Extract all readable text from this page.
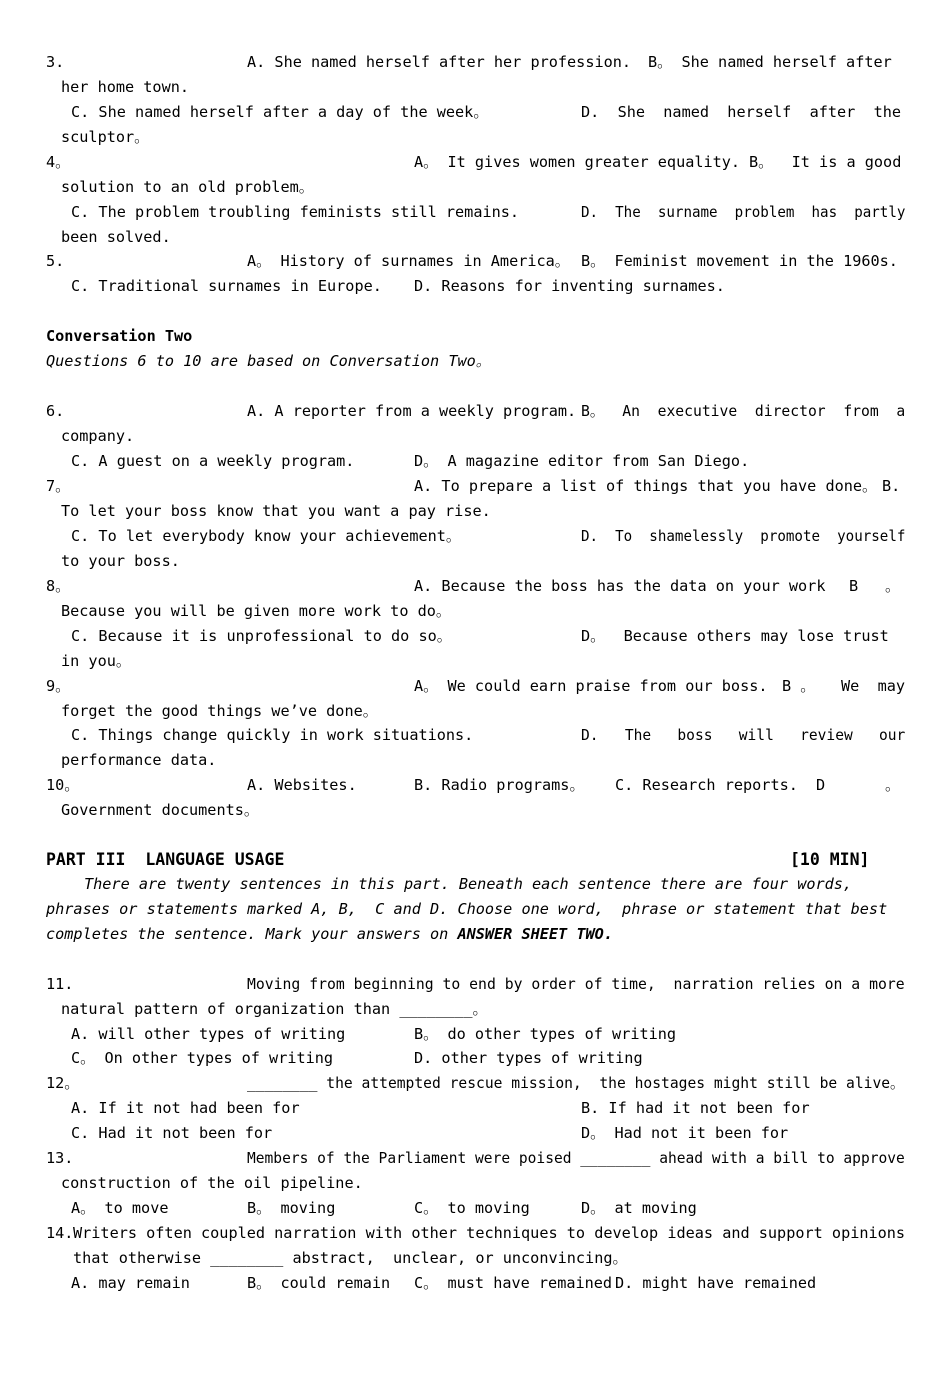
3.

	A. She named herself after her profession.

B。 She named herself after

her home town.

C. She named herself after a day of the week。

	D.  She  named  herself  after  the

sculptor。

4。

	A。 It gives women greater equality.

B。  It is a good

solution to an old problem。

C. The problem troubling feminists still remains.

	D.  The  surname  problem  has  partly

been solved.

5.

	A。 History of surnames in America。

B。 Feminist movement in the 1960s.

C. Traditional surnames in Europe.

D. Reasons for inventing surnames.

Conversation Two

Questions 6 to 10 are based on Conversation Two。

6.

	A. A reporter from a weekly program.

B。  An  executive  director  from  a

company.

C. A guest on a weekly program.

	D。 A magazine editor from San Diego.

7。

	A. To prepare a list of things that you have done。

B.

To let your boss know that you want a pay rise.

C. To let everybody know your achievement。

	D.  To  shamelessly  promote  yourself

to your boss.

8。

	A. Because the boss has the data on your work

B

。

Because you will be given more work to do。

C. Because it is unprofessional to do so。

	D。  Because others may lose trust

in you。

9。

	A。 We could earn praise from our boss.

B 。

We  may

forget the good things we’ve done。

C. Things change quickly in work situations.

	D.   The   boss   will   review   our

performance data.

10。

	A. Websites.

	B. Radio programs。

C. Research reports.

D

	。

Government documents。

PART III  LANGUAGE USAGE

	[10 MIN]

There are twenty sentences in this part. Beneath each sentence there are four words,

phrases or statements marked A, B,  C and D. Choose one word,  phrase or statement that best

completes the sentence. Mark your answers on ANSWER SHEET TWO.

11.

	Moving from beginning to end by order of time,  narration relies on a more

natural pattern of organization than ________。

A. will other types of writing

	B。 do other types of writing

C。 On other types of writing

	D. other types of writing

12。

	________ the attempted rescue mission,  the hostages might still be alive。

A. If it not had been for

	B. If had it not been for

C. Had it not been for

	D。 Had not it been for

13.

	Members of the Parliament were poised ________ ahead with a bill to approve

construction of the oil pipeline.

A。 to move

	B。 moving

	C。 to moving

	D。 at moving

14.

Writers often coupled narration with other techniques to develop ideas and support opinions

that otherwise ________ abstract,  unclear, or unconvincing。

A. may remain

	B。 could remain

C。 must have remained

D. might have remained
